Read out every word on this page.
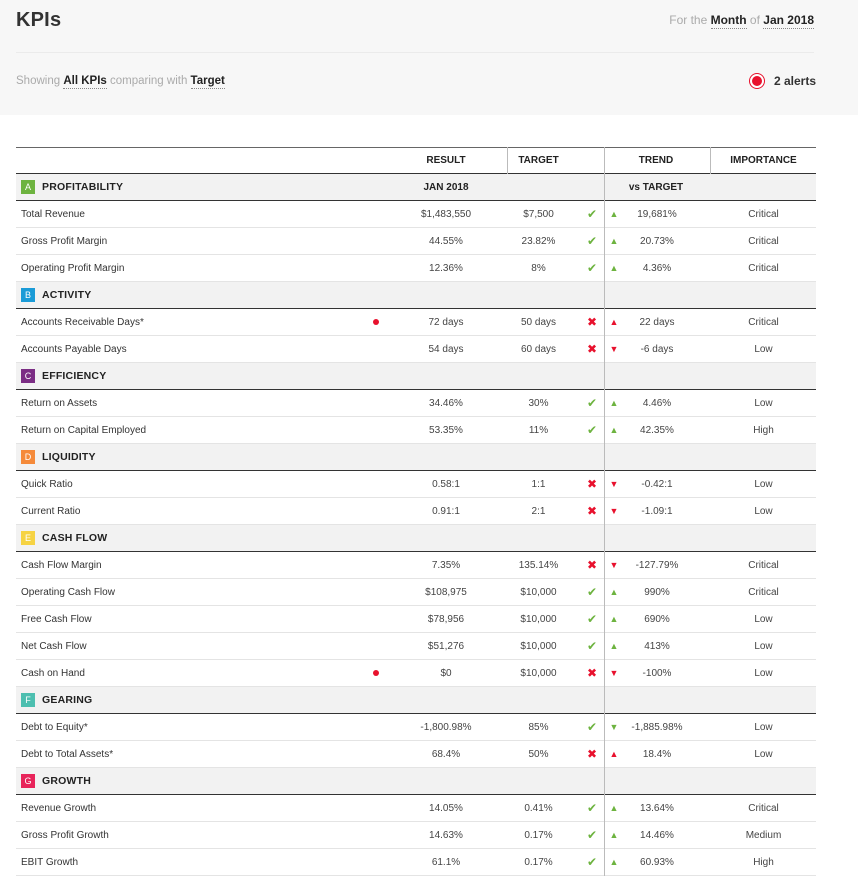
KPIs	For the Month of Jan 2018
Showing All KPIs comparing with Target	2 alerts
RESULT	TARGET	TREND	IMPORTANCE
A	PROFITABILITY	JAN 2018	vs TARGET
Total Revenue	$1,483,550	$7,500	✔	▲	19,681%	Critical
Gross Profit Margin	44.55%	23.82%	✔	▲	20.73%	Critical
Operating Profit Margin	12.36%	8%	✔	▲	4.36%	Critical
B	ACTIVITY
Accounts Receivable Days*	72 days	50 days	✖	▲	22 days	Critical
Accounts Payable Days	54 days	60 days	✖	▼	-6 days	Low
C	EFFICIENCY
Return on Assets	34.46%	30%	✔	▲	4.46%	Low
Return on Capital Employed	53.35%	11%	✔	▲	42.35%	High
D	LIQUIDITY
Quick Ratio	0.58:1	1:1	✖	▼	-0.42:1	Low
Current Ratio	0.91:1	2:1	✖	▼	-1.09:1	Low
E	CASH FLOW
Cash Flow Margin	7.35%	135.14%	✖	▼	-127.79%	Critical
Operating Cash Flow	$108,975	$10,000	✔	▲	990%	Critical
Free Cash Flow	$78,956	$10,000	✔	▲	690%	Low
Net Cash Flow	$51,276	$10,000	✔	▲	413%	Low
Cash on Hand	$0	$10,000	✖	▼	-100%	Low
F	GEARING
Debt to Equity*	-1,800.98%	85%	✔	▼	-1,885.98%	Low
Debt to Total Assets*	68.4%	50%	✖	▲	18.4%	Low
G	GROWTH
Revenue Growth	14.05%	0.41%	✔	▲	13.64%	Critical
Gross Profit Growth	14.63%	0.17%	✔	▲	14.46%	Medium
EBIT Growth	61.1%	0.17%	✔	▲	60.93%	High
